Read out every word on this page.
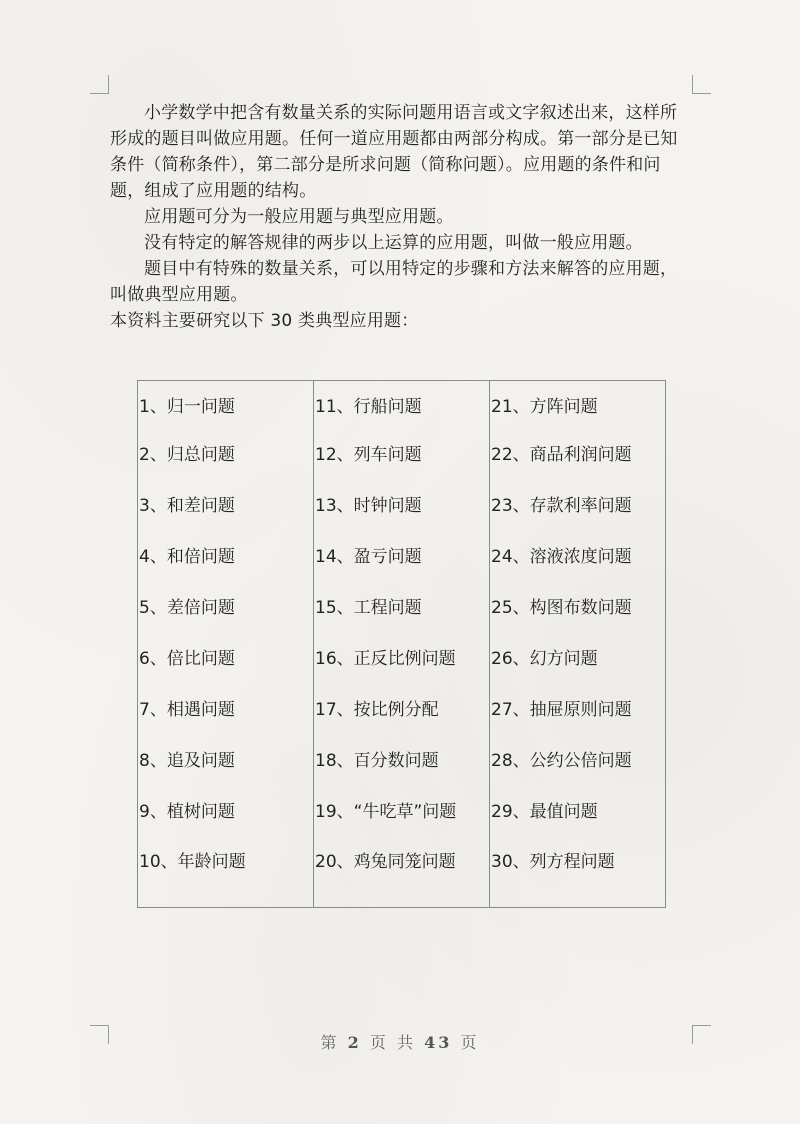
小学数学中把含有数量关系的实际问题用语言或文字叙述出来，这样所形成的题目叫做应用题。任何一道应用题都由两部分构成。第一部分是已知条件（简称条件），第二部分是所求问题（简称问题）。应用题的条件和问题，组成了应用题的结构。

应用题可分为一般应用题与典型应用题。

没有特定的解答规律的两步以上运算的应用题，叫做一般应用题。

题目中有特殊的数量关系，可以用特定的步骤和方法来解答的应用题，叫做典型应用题。

本资料主要研究以下 30 类典型应用题：

1、归一问题	11、行船问题	21、方阵问题
2、归总问题	12、列车问题	22、商品利润问题
3、和差问题	13、时钟问题	23、存款利率问题
4、和倍问题	14、盈亏问题	24、溶液浓度问题
5、差倍问题	15、工程问题	25、构图布数问题
6、倍比问题	16、正反比例问题	26、幻方问题
7、相遇问题	17、按比例分配	27、抽屉原则问题
8、追及问题	18、百分数问题	28、公约公倍问题
9、植树问题	19、“牛吃草”问题	29、最值问题
10、年龄问题	20、鸡兔同笼问题	30、列方程问题
第 2 页 共 43 页
